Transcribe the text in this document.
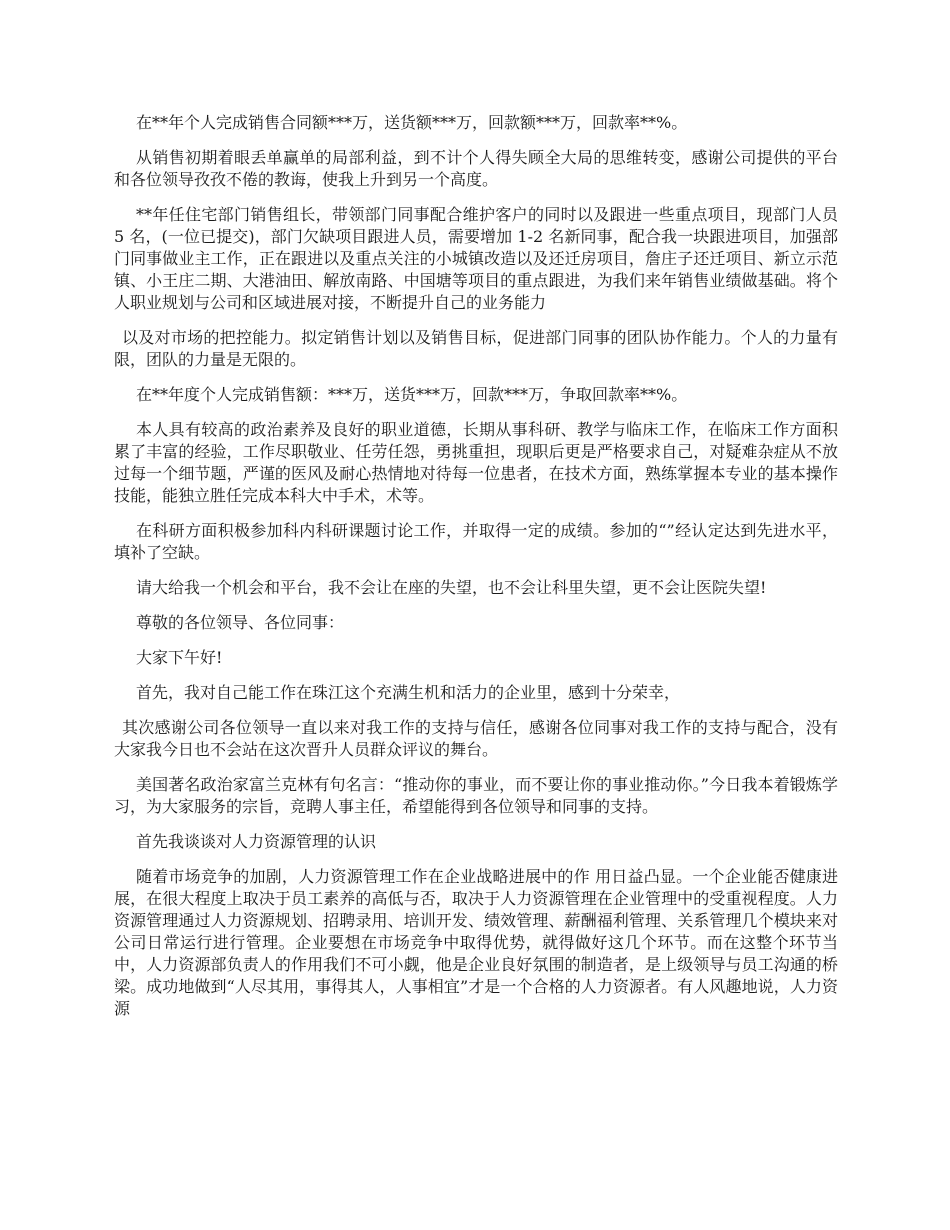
在**年个人完成销售合同额***万，送货额***万，回款额***万，回款率**%。

从销售初期着眼丢单赢单的局部利益，到不计个人得失顾全大局的思维转变，感谢公司提供的平台和各位领导孜孜不倦的教诲，使我上升到另一个高度。

**年任住宅部门销售组长，带领部门同事配合维护客户的同时以及跟进一些重点项目，现部门人员 5 名，(一位已提交)，部门欠缺项目跟进人员，需要增加 1-2 名新同事，配合我一块跟进项目，加强部门同事做业主工作，正在跟进以及重点关注的小城镇改造以及还迁房项目，詹庄子还迁项目、新立示范镇、小王庄二期、大港油田、解放南路、中国塘等项目的重点跟进，为我们来年销售业绩做基础。将个人职业规划与公司和区域进展对接，不断提升自己的业务能力

以及对市场的把控能力。拟定销售计划以及销售目标，促进部门同事的团队协作能力。个人的力量有限，团队的力量是无限的。

在**年度个人完成销售额：***万，送货***万，回款***万，争取回款率**%。

本人具有较高的政治素养及良好的职业道德，长期从事科研、教学与临床工作，在临床工作方面积累了丰富的经验，工作尽职敬业、任劳任怨，勇挑重担，现职后更是严格要求自己，对疑难杂症从不放过每一个细节题，严谨的医风及耐心热情地对待每一位患者，在技术方面，熟练掌握本专业的基本操作技能，能独立胜任完成本科大中手术，术等。

在科研方面积极参加科内科研课题讨论工作，并取得一定的成绩。参加的“”经认定达到先进水平，填补了空缺。

请大给我一个机会和平台，我不会让在座的失望，也不会让科里失望，更不会让医院失望!

尊敬的各位领导、各位同事：

大家下午好!

首先，我对自己能工作在珠江这个充满生机和活力的企业里，感到十分荣幸，

其次感谢公司各位领导一直以来对我工作的支持与信任，感谢各位同事对我工作的支持与配合，没有大家我今日也不会站在这次晋升人员群众评议的舞台。

美国著名政治家富兰克林有句名言：“推动你的事业，而不要让你的事业推动你。”今日我本着锻炼学习，为大家服务的宗旨，竞聘人事主任，希望能得到各位领导和同事的支持。

首先我谈谈对人力资源管理的认识

随着市场竞争的加剧，人力资源管理工作在企业战略进展中的作 用日益凸显。一个企业能否健康进展，在很大程度上取决于员工素养的高低与否，取决于人力资源管理在企业管理中的受重视程度。人力资源管理通过人力资源规划、招聘录用、培训开发、绩效管理、薪酬福利管理、关系管理几个模块来对公司日常运行进行管理。企业要想在市场竞争中取得优势，就得做好这几个环节。而在这整个环节当中，人力资源部负责人的作用我们不可小觑，他是企业良好氛围的制造者，是上级领导与员工沟通的桥梁。成功地做到“人尽其用，事得其人，人事相宜”才是一个合格的人力资源者。有人风趣地说，人力资源
